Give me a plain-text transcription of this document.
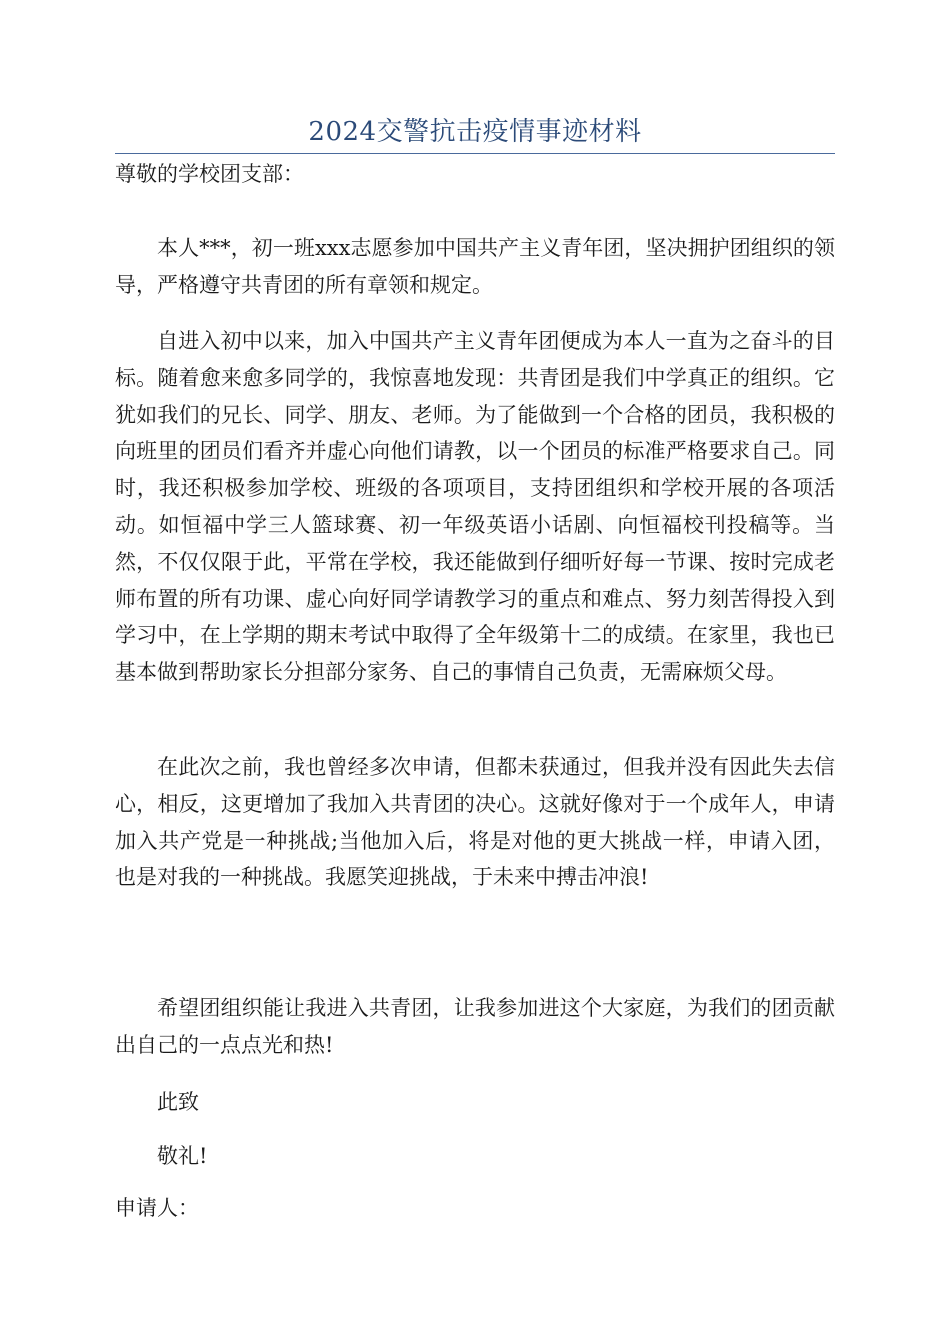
2024交警抗击疫情事迹材料

尊敬的学校团支部：

本人***，初一班xxx志愿参加中国共产主义青年团，坚决拥护团组织的领导，严格遵守共青团的所有章领和规定。

自进入初中以来，加入中国共产主义青年团便成为本人一直为之奋斗的目标。随着愈来愈多同学的，我惊喜地发现：共青团是我们中学真正的组织。它犹如我们的兄长、同学、朋友、老师。为了能做到一个合格的团员，我积极的向班里的团员们看齐并虚心向他们请教，以一个团员的标准严格要求自己。同时，我还积极参加学校、班级的各项项目，支持团组织和学校开展的各项活动。如恒福中学三人篮球赛、初一年级英语小话剧、向恒福校刊投稿等。当然，不仅仅限于此，平常在学校，我还能做到仔细听好每一节课、按时完成老师布置的所有功课、虚心向好同学请教学习的重点和难点、努力刻苦得投入到学习中，在上学期的期末考试中取得了全年级第十二的成绩。在家里，我也已基本做到帮助家长分担部分家务、自己的事情自己负责，无需麻烦父母。

在此次之前，我也曾经多次申请，但都未获通过，但我并没有因此失去信心，相反，这更增加了我加入共青团的决心。这就好像对于一个成年人，申请加入共产党是一种挑战;当他加入后，将是对他的更大挑战一样，申请入团，也是对我的一种挑战。我愿笑迎挑战，于未来中搏击冲浪!

希望团组织能让我进入共青团，让我参加进这个大家庭，为我们的团贡献出自己的一点点光和热!

此致

敬礼!

申请人：
